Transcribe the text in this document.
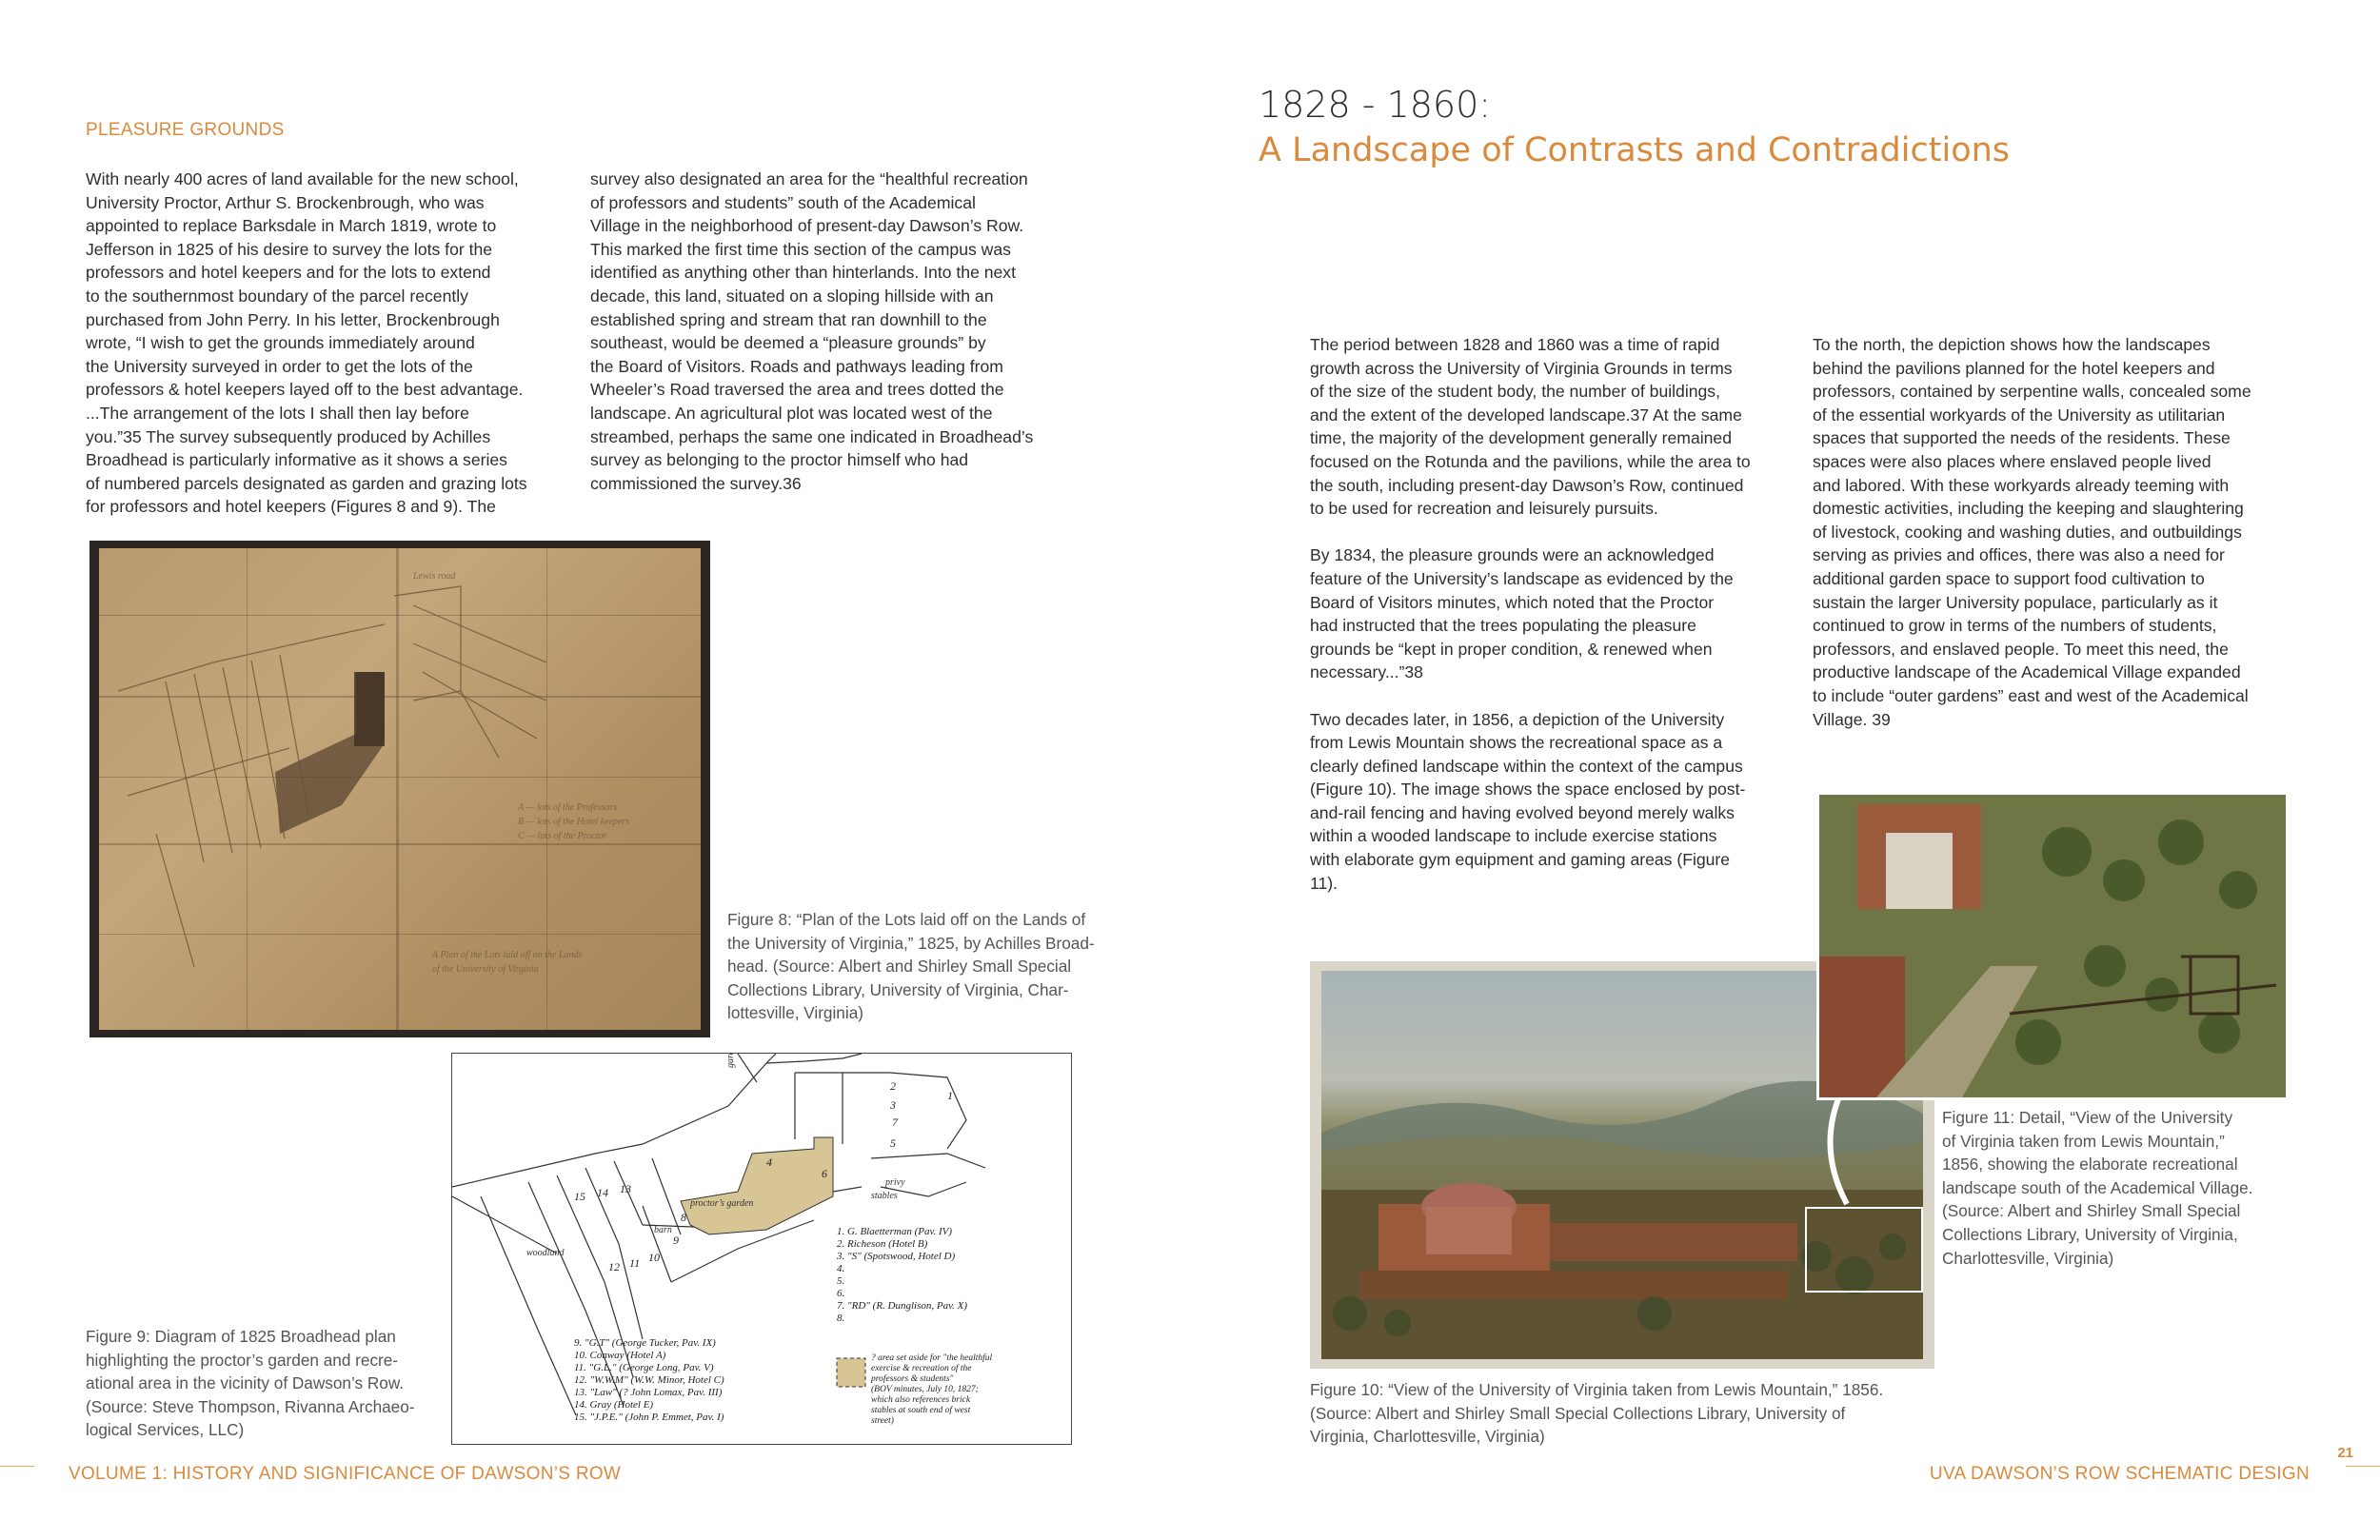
PLEASURE GROUNDS
With nearly 400 acres of land available for the new school,
University Proctor, Arthur S. Brockenbrough, who was
appointed to replace Barksdale in March 1819, wrote to
Jefferson in 1825 of his desire to survey the lots for the
professors and hotel keepers and for the lots to extend
to the southernmost boundary of the parcel recently
purchased from John Perry. In his letter, Brockenbrough
wrote, “I wish to get the grounds immediately around
the University surveyed in order to get the lots of the
professors & hotel keepers layed off to the best advantage.
...The arrangement of the lots I shall then lay before
you.”35 The survey subsequently produced by Achilles
Broadhead is particularly informative as it shows a series
of numbered parcels designated as garden and grazing lots
for professors and hotel keepers (Figures 8 and 9). The
survey also designated an area for the “healthful recreation
of professors and students” south of the Academical
Village in the neighborhood of present-day Dawson’s Row.
This marked the first time this section of the campus was
identified as anything other than hinterlands. Into the next
decade, this land, situated on a sloping hillside with an
established spring and stream that ran downhill to the
southeast, would be deemed a “pleasure grounds” by
the Board of Visitors. Roads and pathways leading from
Wheeler’s Road traversed the area and trees dotted the
landscape. An agricultural plot was located west of the
streambed, perhaps the same one indicated in Broadhead’s
survey as belonging to the proctor himself who had
commissioned the survey.36
A Plan of the Lots laid off on the Lands
of the University of Virginia
A — lots of the Professors
B — lots of the Hotel keepers
C — lots of the Proctor
Lewis road
Figure 8: “Plan of the Lots laid off on the Lands of
the University of Virginia,” 1825, by Achilles Broad-
head. (Source: Albert and Shirley Small Special
Collections Library, University of Virginia, Char-
lottesville, Virginia)
2
3
7
1
4
6
5
8
9
10
11
12
13
14
15
garden
proctor’s garden
privy
stables
barn
woodland
1. G. Blaetterman (Pav. IV)
2. Richeson (Hotel B)
3. "S" (Spotswood, Hotel D)
4.
5.
6.
7. "RD" (R. Dunglison, Pav. X)
8.
9. "G.T" (George Tucker, Pav. IX)
10. Conway (Hotel A)
11. "G.L." (George Long, Pav. V)
12. "W.W.M" (W.W. Minor, Hotel C)
13. "Law" (? John Lomax, Pav. III)
14. Gray (Hotel E)
15. "J.P.E." (John P. Emmet, Pav. I)
? area set aside for "the healthful
exercise & recreation of the
professors & students"
(BOV minutes, July 10, 1827;
which also references brick
stables at south end of west
street)
Figure 9: Diagram of 1825 Broadhead plan
highlighting the proctor’s garden and recre-
ational area in the vicinity of Dawson’s Row.
(Source: Steve Thompson, Rivanna Archaeo-
logical Services, LLC)
VOLUME 1: HISTORY AND SIGNIFICANCE OF DAWSON’S ROW
1828 - 1860:
A Landscape of Contrasts and Contradictions
The period between 1828 and 1860 was a time of rapid
growth across the University of Virginia Grounds in terms
of the size of the student body, the number of buildings,
and the extent of the developed landscape.37 At the same
time, the majority of the development generally remained
focused on the Rotunda and the pavilions, while the area to
the south, including present-day Dawson’s Row, continued
to be used for recreation and leisurely pursuits.

By 1834, the pleasure grounds were an acknowledged
feature of the University’s landscape as evidenced by the
Board of Visitors minutes, which noted that the Proctor
had instructed that the trees populating the pleasure
grounds be “kept in proper condition, & renewed when
necessary...”38

Two decades later, in 1856, a depiction of the University
from Lewis Mountain shows the recreational space as a
clearly defined landscape within the context of the campus
(Figure 10). The image shows the space enclosed by post-
and-rail fencing and having evolved beyond merely walks
within a wooded landscape to include exercise stations
with elaborate gym equipment and gaming areas (Figure
11).
To the north, the depiction shows how the landscapes
behind the pavilions planned for the hotel keepers and
professors, contained by serpentine walls, concealed some
of the essential workyards of the University as utilitarian
spaces that supported the needs of the residents. These
spaces were also places where enslaved people lived
and labored. With these workyards already teeming with
domestic activities, including the keeping and slaughtering
of livestock, cooking and washing duties, and outbuildings
serving as privies and offices, there was also a need for
additional garden space to support food cultivation to
sustain the larger University populace, particularly as it
continued to grow in terms of the numbers of students,
professors, and enslaved people. To meet this need, the
productive landscape of the Academical Village expanded
to include “outer gardens” east and west of the Academical
Village. 39
Figure 11: Detail, “View of the University
of Virginia taken from Lewis Mountain,”
1856, showing the elaborate recreational
landscape south of the Academical Village.
(Source: Albert and Shirley Small Special
Collections Library, University of Virginia,
Charlottesville, Virginia)
Figure 10: “View of the University of Virginia taken from Lewis Mountain,” 1856.
(Source: Albert and Shirley Small Special Collections Library, University of
Virginia, Charlottesville, Virginia)
21
UVA DAWSON’S ROW SCHEMATIC DESIGN
